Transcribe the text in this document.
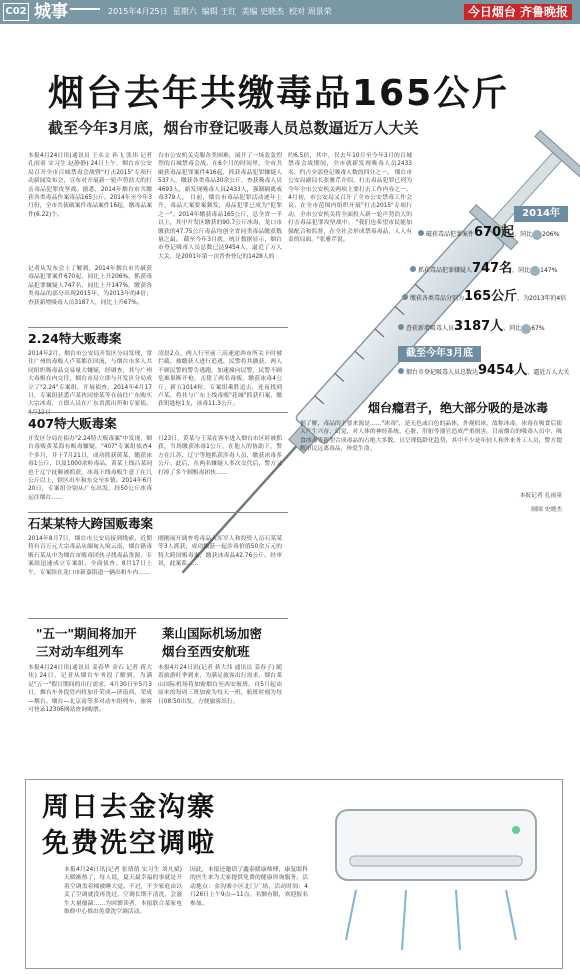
C02 城事	2015年4月25日  星期六  编辑 王红  美编 史晓杰  校对 周景荣	今日烟台 齐鲁晚报
烟台去年共缴毒品165公斤
截至今年3月底，烟台市登记吸毒人员总数逼近万人大关
本报4月24日讯(通讯员 王永文 孙飞 张玮 记者 孔雨童 实习生 赵静静) 24日上午，烟台市公安局召开全市百城禁毒会战暨"打击2015"专项行动新闻发布会，宣布对开展新一轮声势浩大的打击毒品犯罪攻坚战。据悉，2014年烟台市共缴获各类毒品作案毒品165公斤。2014年至今年3月份，全市共侦破案件毒品案件16起，缴毒品案件(6.22)个。
记者从发布会上了解到，2014年烟台市共破获毒品犯罪案件670起，同比上升206%，抓获毒品犯罪嫌疑人747名，同比上升147%，缴获各类毒品的部分出现2015年，为2013年的4倍；查获新增吸毒人员3187人，同比上升67%。
台市公安机关克服各类困难，展开了一场轰轰烈烈的百城禁毒会战。在6个月的时间里，全市共破获毒品犯罪案件416起，抓获毒品犯罪嫌疑人537人，缴获各类毒品30余公斤，查获吸毒人员4693人，新发现吸毒人员2433人，强制隔离戒毒379人。 目前，烟台市毒品犯罪活动逐年上升，毒品大案要案频发，毒品犯罪已成为"犯罪之一"。2014年缴获毒品165公斤，总全省一半以上，其中开发区缴获的90.7公斤冰毒，龙口市缴获的47.75公斤毒品均创全省同类毒品缴获数量之最。 截至今年3月底，统计数据显示，烟台市登记吸毒人员总数已达9454人，逼近了万人大关，是2001年第一次普查登记的1428人的
约6.5倍，其中，仅去年10月至今年3月的百城禁毒会战期间，全市就新发现吸毒人员2433名，约占全部登记吸毒人数的四分之一。 烟台市公安局副局长张雅芹介绍，打击毒品犯罪已列为今年全市公安机关两项主要打击工作内容之一。4月初，市公安局又召开了全市公安禁毒工作会议，在全市范围内组织开展"打击2015"专项行动，全市公安机关将全面投入新一轮声势浩大的打击毒品犯罪攻坚战中。 "我们也希望市民能加强配合和监督，在全社会形成禁毒毒品，人人有责的局面。"张雅芹说。
2014年
破获毒品犯罪案件670起，同比 206%
抓获毒品犯罪嫌疑人747名，同比 147%
缴获各类毒品分别为165公斤，为2013年的4倍
查获新增吸毒人员3187人，同比 67%
截至今年3月底
烟台市登记吸毒人员总数达9454人，逼近万人大关
2.24特大贩毒案
2014年2月，烟台市公安局开发区分局发现，常住广州的毒贩人卢某都在回流，与烟台市多人共同组织吸毒品交易量大嫌疑，经调查，其与广州大毒贩在内交往，烟台市局立即与开发区分局成立了"2.24"专案组，开展侦查。2014年4月17日，专案组获悉卢某伙同徐某等在前往广东购买大宗冰毒，立即人员在广东省派出所和专家侦。
凌晨2点，两人行至前三高速途西市所关卡时被拦截，被缴获人进行追逃，民警将其擒获，两人不顾民警的警告逃跑，加速撞向民警，民警不顾危难果断开枪，击毙了两名毒贩，缴获冰毒4公斤，新五1014粒。专案组乘胜追击，连夜找到卢某，将其与广东上线毒贩"花城"抓获归案，缴获钥匙枪1支，冰毒11.3公斤。
407特大贩毒案
开发区分局在侦办"2.24特大贩毒案"中发现，烟台毒贩黄某海有贩毒嫌疑，"407"专案组侦查4个多月，并于7月21日，成功抓获黄某，缴获冰毒1公斤，以及1000余粒毒品。黄某上线吕某同也于辽宁抚顺被抓获，冰毒下线毒贩生意丁在几公斤以上，辖区出车和东交至乡镇。2014年6月20日，专案组分别从广东出发，经50公斤冰毒运往烟台……
月23日，黄某与王某在客车进入烟台市区时被抓获，当场缴获冰毒1公斤，在他人的协助下，警方在江苏、辽宁等地抓获涉毒人员，缴获冰毒多公斤。此后，在两名嫌疑人多次交代后，警方又打掉了多个制贩毒团伙……
烟台瘾君子，绝大部分吸的是冰毒
据了解，毒品的主要来源是……"冰毒"，是无色或白色的晶体，外观似冰，故称冰毒。冰毒在吸食后使人产生兴奋、幻觉，对人体的神经系统、心脏、肝脏等器官造成严重损害。目前烟台的吸毒人员中，吸食冰毒等新型合成毒品的占绝大多数，且呈现低龄化趋势，其中不少是年轻人和外来务工人员，警方提醒市民远离毒品，珍爱生命。
本报记者 孔雨童
制图 史晓杰
石某某特大跨国贩毒案
2014年8月7日，烟台市公安局接到线索，近期将有百万元大宗毒品从缅甸入境云南，烟台籍毒贩石某从中为烟台市贩毒团伙寻找毒品货源，专案组迅速成立专案组，全面侦查。8月17日上午，专案组在龙口市新嘉街道一辆出租车内……
刚刚展开调查将毒品入库军人和投资人员石某某等3人抓获，成功缴获一起涉毒价值50余万元的特大跨国贩毒案，缴获冰毒品42.76公斤。经审讯，此案系……
"五一"期间将加开
三对动车组列车
本报4月24日讯(通讯员 姜春华 金石 记者 蒋大伟) 24日，记者从烟台车务段了解到，为满足"五一"假日期间的出行需求，4月30日至5月3日，烟台车务段管内将加开荣成—济南西、荣成—烟台、烟台—北京南等多对动车组列车，旅客可登录12306网站查询购票。
莱山国际机场加密
烟台至西安航班
本报4月24日讯(记者 蒋大伟 通讯员 姜春子) 随着旅游旺季到来，为满足旅客出行需求，烟台莱山国际机场将加密烟台至西安航班，自5月起由原来的每周三班加密为每天一班，航班时刻为每日08:50出发，方便旅客出行。
周日去金沟寨
免费洗空调啦
本报4月24日讯(记者 张倩倩 实习生 刘凡斌) 天暖渐热了，每人说，夏天最幸福的事就是开着空调盖着棉被睡大觉。不过，不少家庭由以关了空调就没再洗过，空调长期不清洗，会滋生大量细菌……为回馈读者，本报联合某家电维修中心推出免费洗空调活动。
因此，本报还邀请了鑫泰暖康师傅，康复眼科的医生来为大家提供免费的健康咨询服务。活动地点：金沟寨小区北门广场，活动时间：4月26日上午9点—11点。名额有限，欢迎报名参加。
